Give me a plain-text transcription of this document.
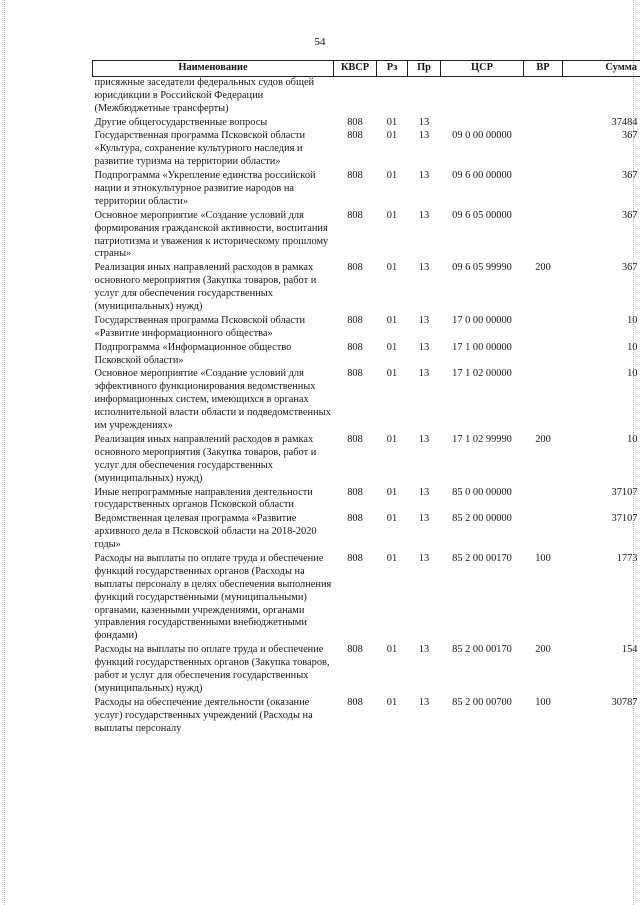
54
Наименование	КВСР	Рз	Пр	ЦСР	ВР	Сумма
присяжные заседатели федеральных судов общей юрисдикции в Российской Федерации (Межбюджетные трансферты)						
Другие общегосударственные вопросы	808	01	13			37484
Государственная программа Псковской области «Культура, сохранение культурного наследия и развитие туризма на территории области»	808	01	13	09 0 00 00000		367
Подпрограмма «Укрепление единства российской нации и этнокультурное развитие народов на территории области»	808	01	13	09 6 00 00000		367
Основное мероприятие «Создание условий для формирования гражданской активности, воспитания патриотизма и уважения к историческому прошлому страны»	808	01	13	09 6 05 00000		367
Реализация иных направлений расходов в рамках основного мероприятия (Закупка товаров, работ и услуг для обеспечения государственных (муниципальных) нужд)	808	01	13	09 6 05 99990	200	367
Государственная программа Псковской области «Развитие информационного общества»	808	01	13	17 0 00 00000		10
Подпрограмма «Информационное общество Псковской области»	808	01	13	17 1 00 00000		10
Основное мероприятие «Создание условий для эффективного функционирования ведомственных информационных систем, имеющихся в органах исполнительной власти области и подведомственных им учреждениях»	808	01	13	17 1 02 00000		10
Реализация иных направлений расходов в рамках основного мероприятия (Закупка товаров, работ и услуг для обеспечения государственных (муниципальных) нужд)	808	01	13	17 1 02 99990	200	10
Иные непрограммные направления деятельности государственных органов Псковской области	808	01	13	85 0 00 00000		37107
Ведомственная целевая программа «Развитие архивного дела в Псковской области на 2018-2020 годы»	808	01	13	85 2 00 00000		37107
Расходы на выплаты по оплате труда и обеспечение функций государственных органов (Расходы на выплаты персоналу в целях обеспечения выполнения функций государственными (муниципальными) органами, казенными учреждениями, органами управления государственными внебюджетными фондами)	808	01	13	85 2 00 00170	100	1773
Расходы на выплаты по оплате труда и обеспечение функций государственных органов (Закупка товаров, работ и услуг для обеспечения государственных (муниципальных) нужд)	808	01	13	85 2 00 00170	200	154
Расходы на обеспечение деятельности (оказание услуг) государственных учреждений (Расходы на выплаты персоналу	808	01	13	85 2 00 00700	100	30787
